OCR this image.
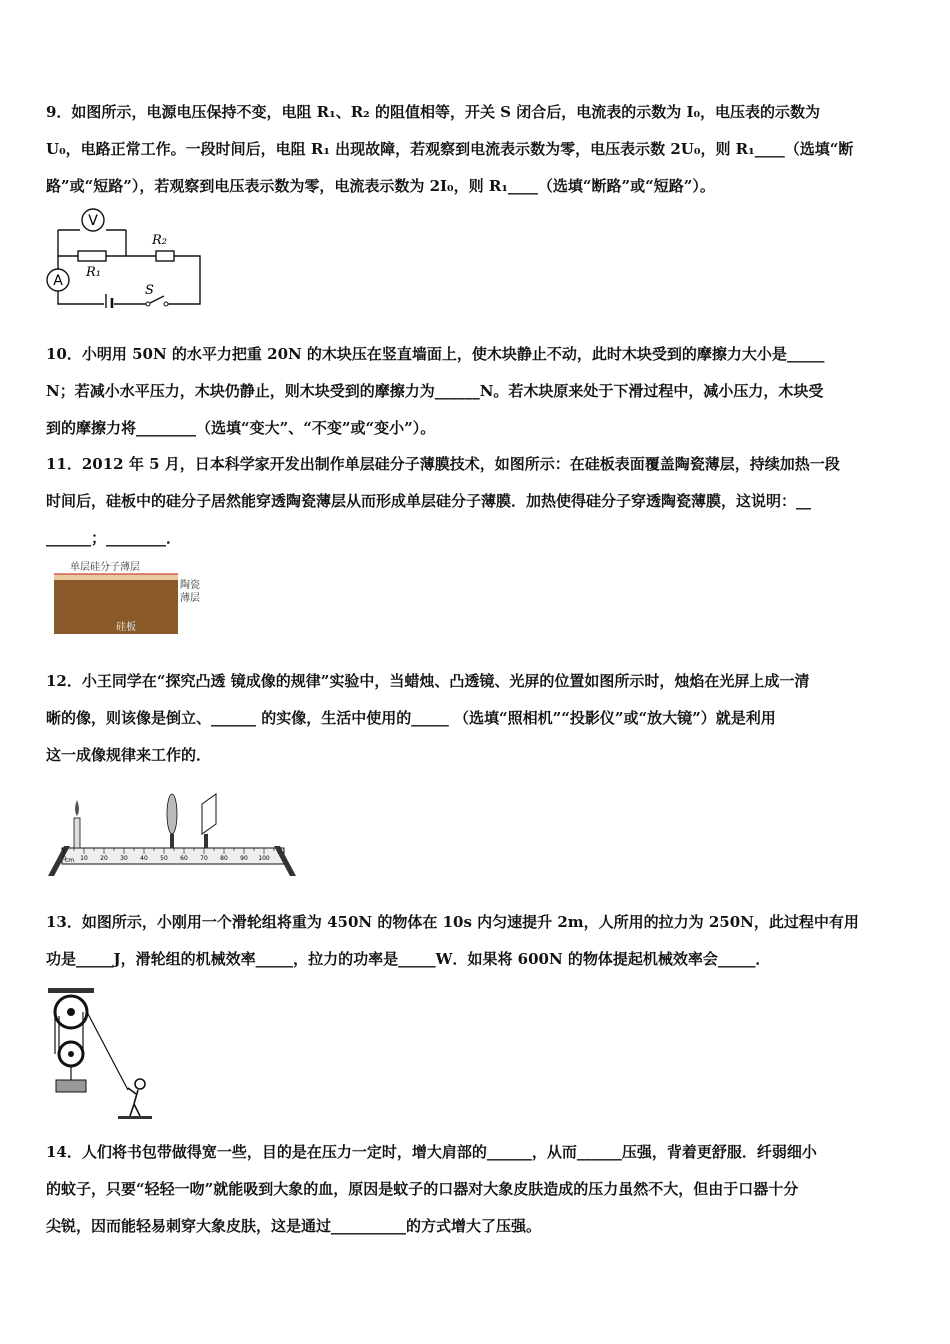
9．如图所示，电源电压保持不变，电阻 R₁、R₂ 的阻值相等，开关 S 闭合后，电流表的示数为 I₀，电压表的示数为

U₀，电路正常工作。一段时间后，电阻 R₁ 出现故障，若观察到电流表示数为零，电压表示数 2U₀，则 R₁____（选填“断

路”或“短路”），若观察到电压表示数为零，电流表示数为 2I₀，则 R₁____（选填“断路”或“短路”）。

V
R₁
R₂
A
S

10．小明用 50N 的水平力把重 20N 的木块压在竖直墙面上，使木块静止不动，此时木块受到的摩擦力大小是_____

N；若减小水平压力，木块仍静止，则木块受到的摩擦力为______N。若木块原来处于下滑过程中，减小压力，木块受

到的摩擦力将________（选填“变大”、“不变”或“变小”）。

11．2012 年 5 月，日本科学家开发出制作单层硅分子薄膜技术，如图所示：在硅板表面覆盖陶瓷薄层，持续加热一段

时间后，硅板中的硅分子居然能穿透陶瓷薄层从而形成单层硅分子薄膜．加热使得硅分子穿透陶瓷薄膜，这说明：__

______；________．

单层硅分子薄层
陶瓷
薄层
硅板

12．小王同学在“探究凸透 镜成像的规律”实验中，当蜡烛、凸透镜、光屏的位置如图所示时，烛焰在光屏上成一清

晰的像，则该像是倒立、______ 的实像，生活中使用的_____ （选填“照相机”“投影仪”或“放大镜”）就是利用

这一成像规律来工作的．

cm
0 10 20 30 40 50 60 70 80 90 100

13．如图所示，小刚用一个滑轮组将重为 450N 的物体在 10s 内匀速提升 2m，人所用的拉力为 250N，此过程中有用

功是_____J，滑轮组的机械效率_____，拉力的功率是_____W．如果将 600N 的物体提起机械效率会_____．

14．人们将书包带做得宽一些，目的是在压力一定时，增大肩部的______，从而______压强，背着更舒服．纤弱细小

的蚊子，只要“轻轻一吻”就能吸到大象的血，原因是蚊子的口器对大象皮肤造成的压力虽然不大，但由于口器十分

尖锐，因而能轻易刺穿大象皮肤，这是通过__________的方式增大了压强。
